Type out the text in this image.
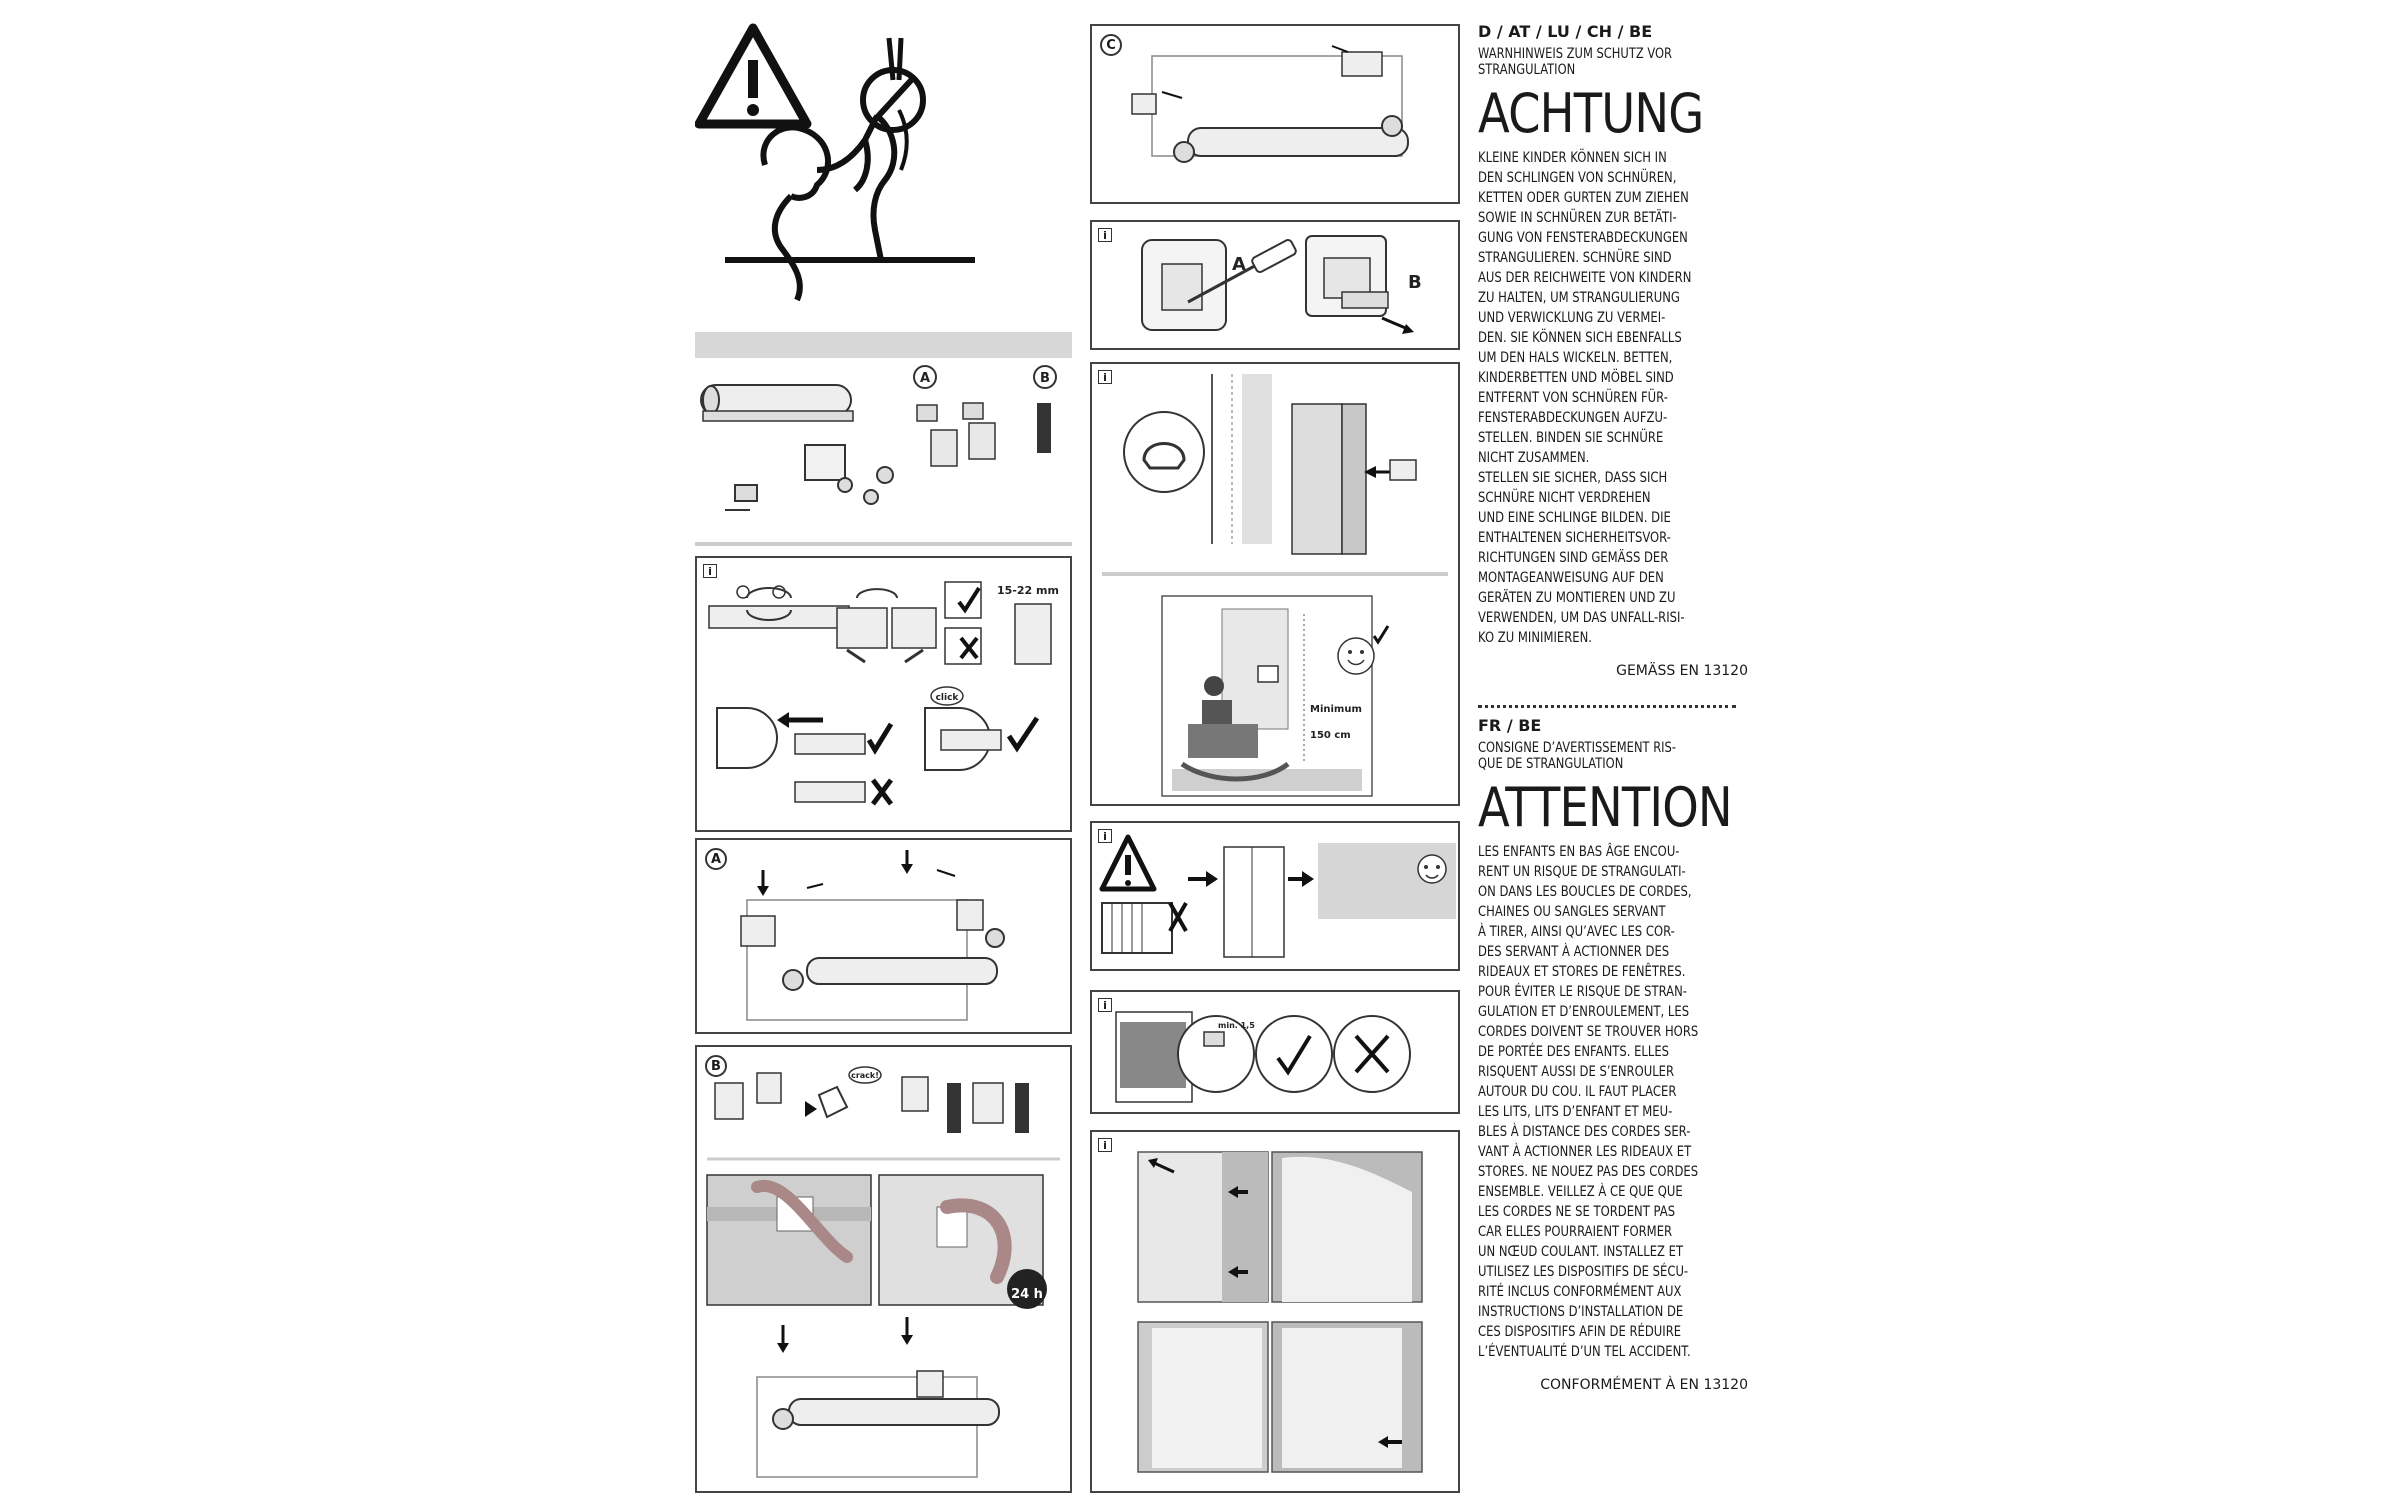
A	B
i
15-22 mm
click
A
B
crack!
24 h
C
i
A
B
i
Minimum
150 cm
i
i
min. 1,5
i

D / AT / LU / CH / BE

WARNHINWEIS ZUM SCHUTZ VOR
STRANGULATION

ACHTUNG

KLEINE KINDER KÖNNEN SICH IN
DEN SCHLINGEN VON SCHNÜREN,
KETTEN ODER GURTEN ZUM ZIEHEN
SOWIE IN SCHNÜREN ZUR BETÄTI-
GUNG VON FENSTERABDECKUNGEN
STRANGULIEREN. SCHNÜRE SIND
AUS DER REICHWEITE VON KINDERN
ZU HALTEN, UM STRANGULIERUNG
UND VERWICKLUNG ZU VERMEI-
DEN. SIE KÖNNEN SICH EBENFALLS
UM DEN HALS WICKELN. BETTEN,
KINDERBETTEN UND MÖBEL SIND
ENTFERNT VON SCHNÜREN FÜR-
FENSTERABDECKUNGEN AUFZU-
STELLEN. BINDEN SIE SCHNÜRE
NICHT ZUSAMMEN.
STELLEN SIE SICHER, DASS SICH
SCHNÜRE NICHT VERDREHEN
UND EINE SCHLINGE BILDEN. DIE
ENTHALTENEN SICHERHEITSVOR-
RICHTUNGEN SIND GEMÄSS DER
MONTAGEANWEISUNG AUF DEN
GERÄTEN ZU MONTIEREN UND ZU
VERWENDEN, UM DAS UNFALL-RISI-
KO ZU MINIMIEREN.

GEMÄSS EN 13120

FR / BE

CONSIGNE D’AVERTISSEMENT RIS-
QUE DE STRANGULATION

ATTENTION

LES ENFANTS EN BAS ÂGE ENCOU-
RENT UN RISQUE DE STRANGULATI-
ON DANS LES BOUCLES DE CORDES,
CHAINES OU SANGLES SERVANT
À TIRER, AINSI QU’AVEC LES COR-
DES SERVANT À ACTIONNER DES
RIDEAUX ET STORES DE FENÊTRES.
POUR ÉVITER LE RISQUE DE STRAN-
GULATION ET D’ENROULEMENT, LES
CORDES DOIVENT SE TROUVER HORS
DE PORTÉE DES ENFANTS. ELLES
RISQUENT AUSSI DE S’ENROULER
AUTOUR DU COU. IL FAUT PLACER
LES LITS, LITS D’ENFANT ET MEU-
BLES À DISTANCE DES CORDES SER-
VANT À ACTIONNER LES RIDEAUX ET
STORES. NE NOUEZ PAS DES CORDES
ENSEMBLE. VEILLEZ À CE QUE QUE
LES CORDES NE SE TORDENT PAS
CAR ELLES POURRAIENT FORMER
UN NŒUD COULANT. INSTALLEZ ET
UTILISEZ LES DISPOSITIFS DE SÉCU-
RITÉ INCLUS CONFORMÉMENT AUX
INSTRUCTIONS D’INSTALLATION DE
CES DISPOSITIFS AFIN DE RÉDUIRE
L’ÉVENTUALITÉ D’UN TEL ACCIDENT.

CONFORMÉMENT À EN 13120
